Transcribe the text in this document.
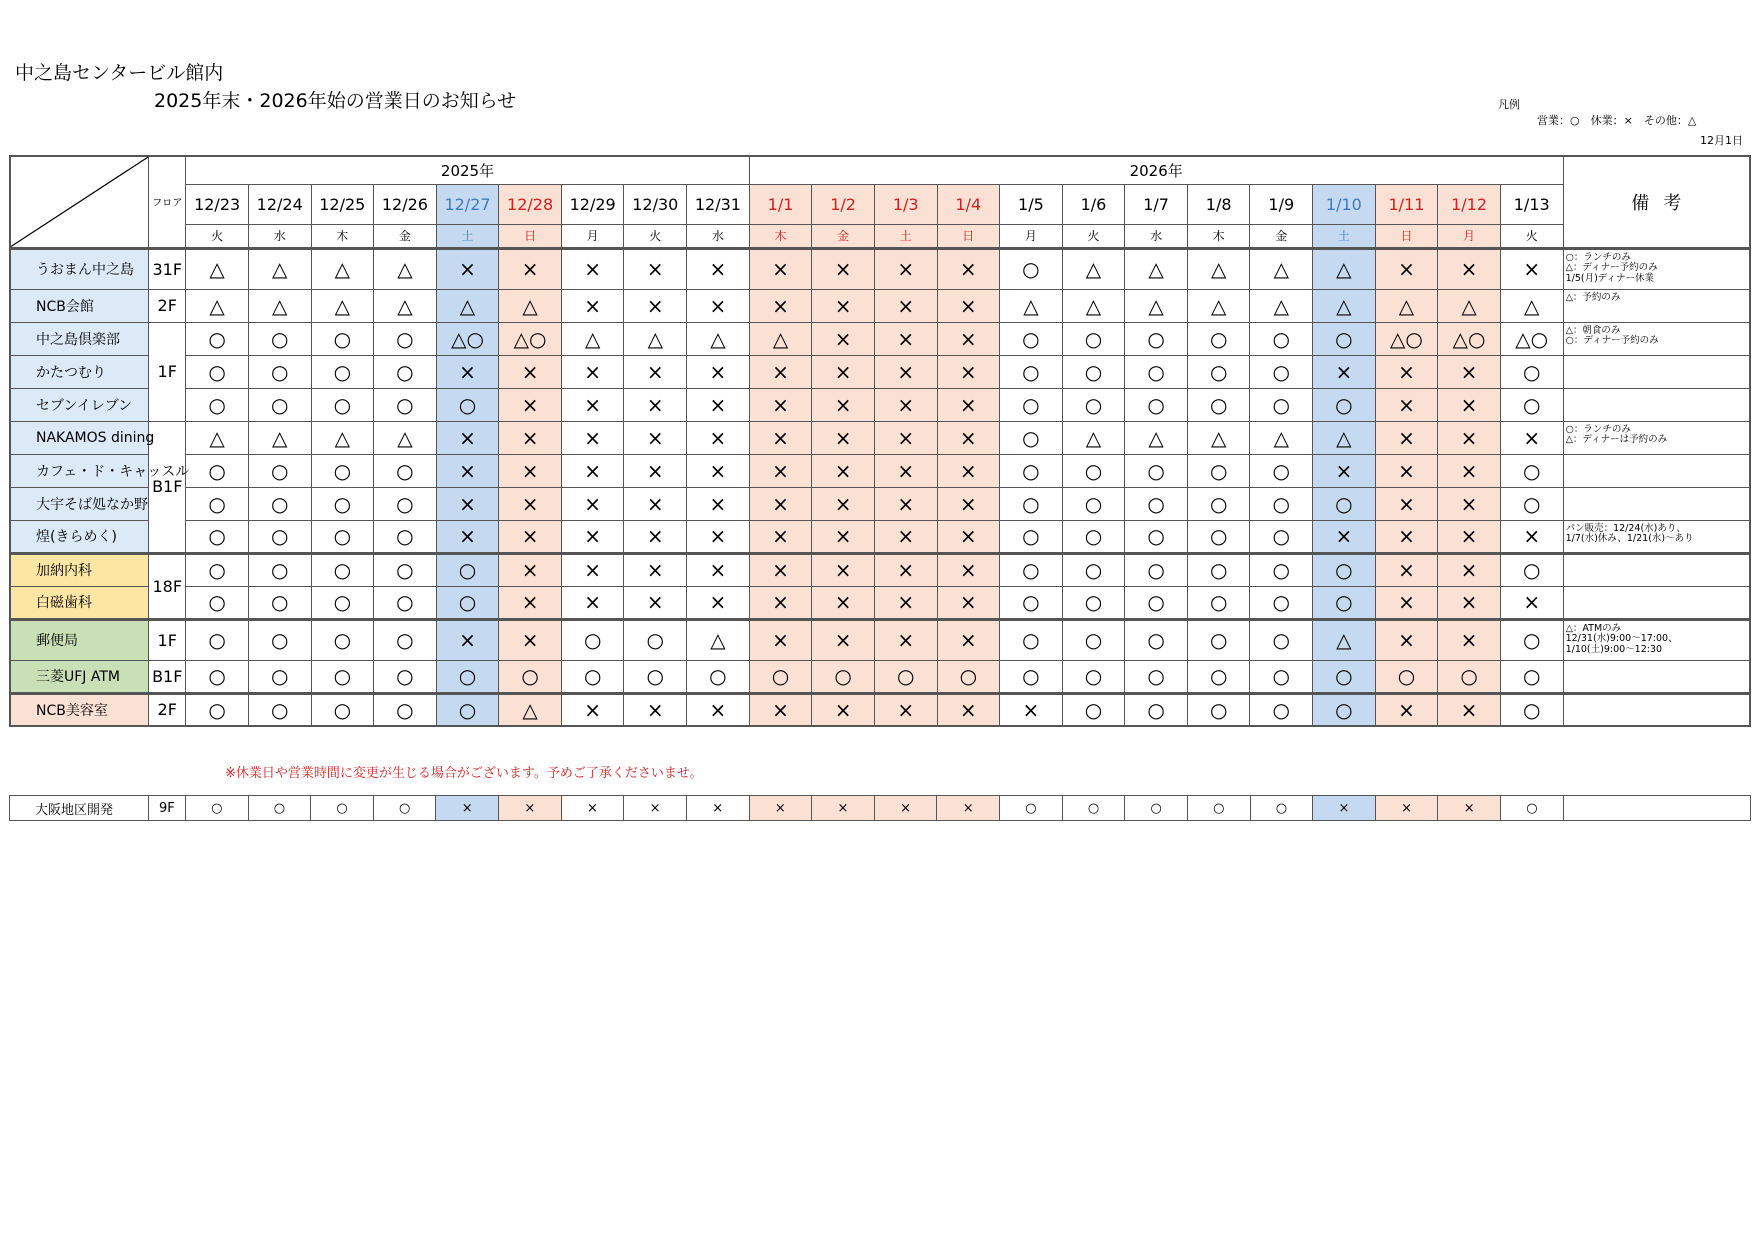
中之島センタービル館内
2025年末・2026年始の営業日のお知らせ	凡例
営業：○　休業：×　その他：△
12月1日
	フロア	2025年									2026年													備考
		12/23	12/24	12/25	12/26	12/27	12/28	12/29	12/30	12/31	1/1	1/2	1/3	1/4	1/5	1/6	1/7	1/8	1/9	1/10	1/11	1/12	1/13	
		火	水	木	金	土	日	月	火	水	木	金	土	日	月	火	水	木	金	土	日	月	火	
うおまん中之島	31F	△	△	△	△	×	×	×	×	×	×	×	×	×	○	△	△	△	△	△	×	×	×	○：ランチのみ
△：ディナー予約のみ
1/5(月)ディナー休業
NCB会館	2F	△	△	△	△	△	△	×	×	×	×	×	×	×	△	△	△	△	△	△	△	△	△	△：予約のみ
中之島倶楽部	1F	○	○	○	○	△○	△○	△	△	△	△	×	×	×	○	○	○	○	○	○	△○	△○	△○	△：朝食のみ
○：ディナー予約のみ
かたつむり		○	○	○	○	×	×	×	×	×	×	×	×	×	○	○	○	○	○	×	×	×	○	
セブンイレブン		○	○	○	○	○	×	×	×	×	×	×	×	×	○	○	○	○	○	○	×	×	○	
NAKAMOS dining	B1F	△	△	△	△	×	×	×	×	×	×	×	×	×	○	△	△	△	△	△	×	×	×	○：ランチのみ
△：ディナーは予約のみ
カフェ・ド・キャッスル		○	○	○	○	×	×	×	×	×	×	×	×	×	○	○	○	○	○	×	×	×	○	
大宇そば処なか野		○	○	○	○	×	×	×	×	×	×	×	×	×	○	○	○	○	○	○	×	×	○	
煌(きらめく)		○	○	○	○	×	×	×	×	×	×	×	×	×	○	○	○	○	○	×	×	×	×	パン販売：12/24(水)あり、
1/7(水)休み、1/21(水)～あり
加納内科	18F	○	○	○	○	○	×	×	×	×	×	×	×	×	○	○	○	○	○	○	×	×	○	
白磁歯科		○	○	○	○	○	×	×	×	×	×	×	×	×	○	○	○	○	○	○	×	×	×	
郵便局	1F	○	○	○	○	×	×	○	○	△	×	×	×	×	○	○	○	○	○	△	×	×	○	△：ATMのみ
12/31(水)9:00～17:00、
1/10(土)9:00～12:30
三菱UFJ ATM	B1F	○	○	○	○	○	○	○	○	○	○	○	○	○	○	○	○	○	○	○	○	○	○	
NCB美容室	2F	○	○	○	○	○	△	×	×	×	×	×	×	×	×	○	○	○	○	○	×	×	○	
※休業日や営業時間に変更が生じる場合がございます。予めご了承くださいませ。
大阪地区開発	9F	○	○	○	○	×	×	×	×	×	×	×	×	×	○	○	○	○	○	×	×	×	○	
